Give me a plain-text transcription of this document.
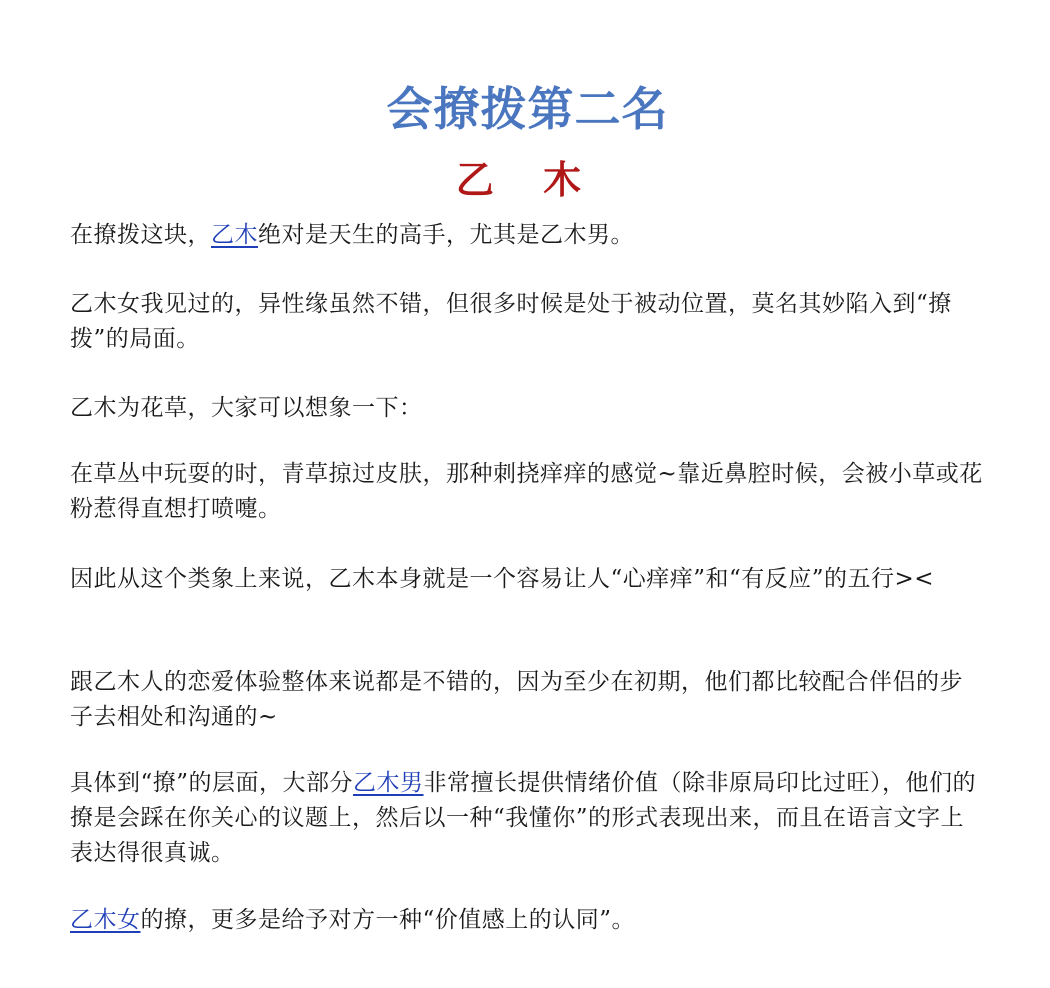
会撩拨第二名
乙 木

在撩拨这块，乙木绝对是天生的高手，尤其是乙木男。

乙木女我见过的，异性缘虽然不错，但很多时候是处于被动位置，莫名其妙陷入到“撩拨”的局面。

乙木为花草，大家可以想象一下：

在草丛中玩耍的时，青草掠过皮肤，那种刺挠痒痒的感觉~靠近鼻腔时候，会被小草或花粉惹得直想打喷嚏。

因此从这个类象上来说，乙木本身就是一个容易让人“心痒痒”和“有反应”的五行><

跟乙木人的恋爱体验整体来说都是不错的，因为至少在初期，他们都比较配合伴侣的步子去相处和沟通的~

具体到“撩”的层面，大部分乙木男非常擅长提供情绪价值（除非原局印比过旺），他们的撩是会踩在你关心的议题上，然后以一种“我懂你”的形式表现出来，而且在语言文字上表达得很真诚。

乙木女的撩，更多是给予对方一种“价值感上的认同”。
